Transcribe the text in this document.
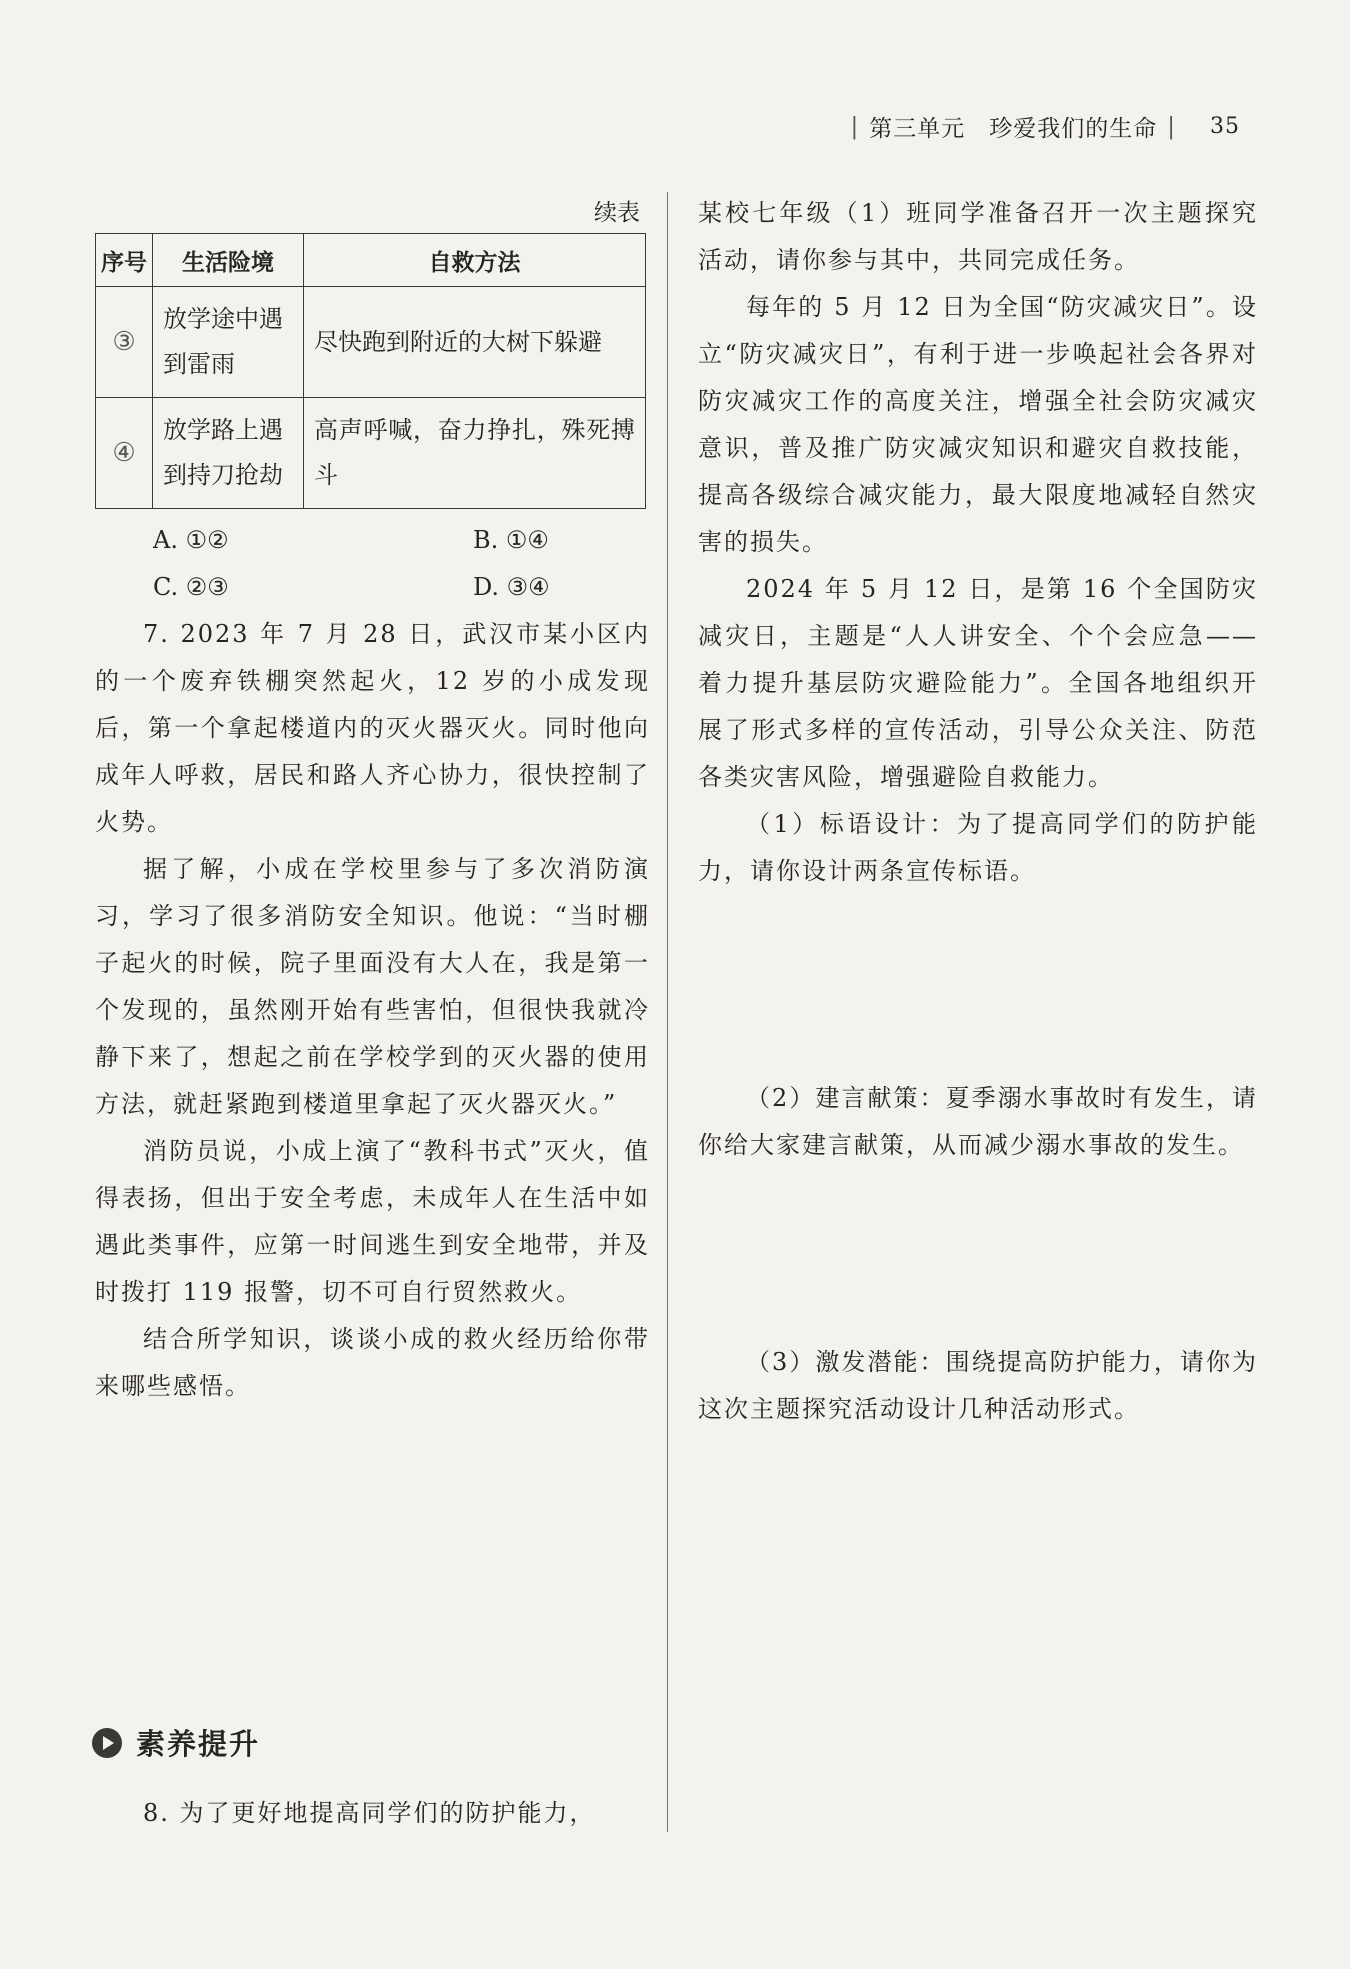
| 第三单元　珍爱我们的生命 | 35
续表
序号	生活险境	自救方法
③	放学途中遇到雷雨	尽快跑到附近的大树下躲避
④	放学路上遇到持刀抢劫	高声呼喊，奋力挣扎，殊死搏斗
A. ①②	B. ①④
C. ②③	D. ③④

7. 2023 年 7 月 28 日，武汉市某小区内的一个废弃铁棚突然起火，12 岁的小成发现后，第一个拿起楼道内的灭火器灭火。同时他向成年人呼救，居民和路人齐心协力，很快控制了火势。

据了解，小成在学校里参与了多次消防演习，学习了很多消防安全知识。他说：“当时棚子起火的时候，院子里面没有大人在，我是第一个发现的，虽然刚开始有些害怕，但很快我就冷静下来了，想起之前在学校学到的灭火器的使用方法，就赶紧跑到楼道里拿起了灭火器灭火。”

消防员说，小成上演了“教科书式”灭火，值得表扬，但出于安全考虑，未成年人在生活中如遇此类事件，应第一时间逃生到安全地带，并及时拨打 119 报警，切不可自行贸然救火。

结合所学知识，谈谈小成的救火经历给你带来哪些感悟。

素养提升

8. 为了更好地提高同学们的防护能力，

某校七年级（1）班同学准备召开一次主题探究活动，请你参与其中，共同完成任务。

每年的 5 月 12 日为全国“防灾减灾日”。设立“防灾减灾日”，有利于进一步唤起社会各界对防灾减灾工作的高度关注，增强全社会防灾减灾意识，普及推广防灾减灾知识和避灾自救技能，提高各级综合减灾能力，最大限度地减轻自然灾害的损失。

2024 年 5 月 12 日，是第 16 个全国防灾减灾日，主题是“人人讲安全、个个会应急——着力提升基层防灾避险能力”。全国各地组织开展了形式多样的宣传活动，引导公众关注、防范各类灾害风险，增强避险自救能力。

（1）标语设计：为了提高同学们的防护能力，请你设计两条宣传标语。

（2）建言献策：夏季溺水事故时有发生，请你给大家建言献策，从而减少溺水事故的发生。

（3）激发潜能：围绕提高防护能力，请你为这次主题探究活动设计几种活动形式。
